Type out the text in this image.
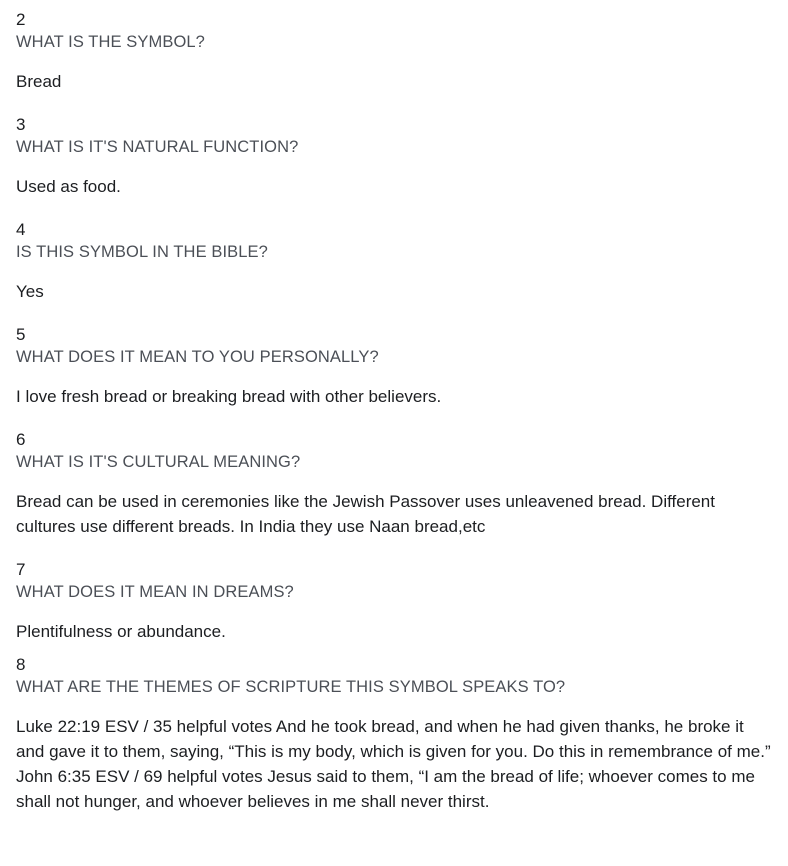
2

WHAT IS THE SYMBOL?

Bread

3

WHAT IS IT'S NATURAL FUNCTION?

Used as food.

4

IS THIS SYMBOL IN THE BIBLE?

Yes

5

WHAT DOES IT MEAN TO YOU PERSONALLY?

I love fresh bread or breaking bread with other believers.

6

WHAT IS IT'S CULTURAL MEANING?

Bread can be used in ceremonies like the Jewish Passover uses unleavened bread. Different cultures use different breads. In India they use Naan bread,etc

7

WHAT DOES IT MEAN IN DREAMS?

Plentifulness or abundance.

8

WHAT ARE THE THEMES OF SCRIPTURE THIS SYMBOL SPEAKS TO?

Luke 22:19 ESV / 35 helpful votes And he took bread, and when he had given thanks, he broke it and gave it to them, saying, “This is my body, which is given for you. Do this in remembrance of me.” John 6:35 ESV / 69 helpful votes Jesus said to them, “I am the bread of life; whoever comes to me shall not hunger, and whoever believes in me shall never thirst.
